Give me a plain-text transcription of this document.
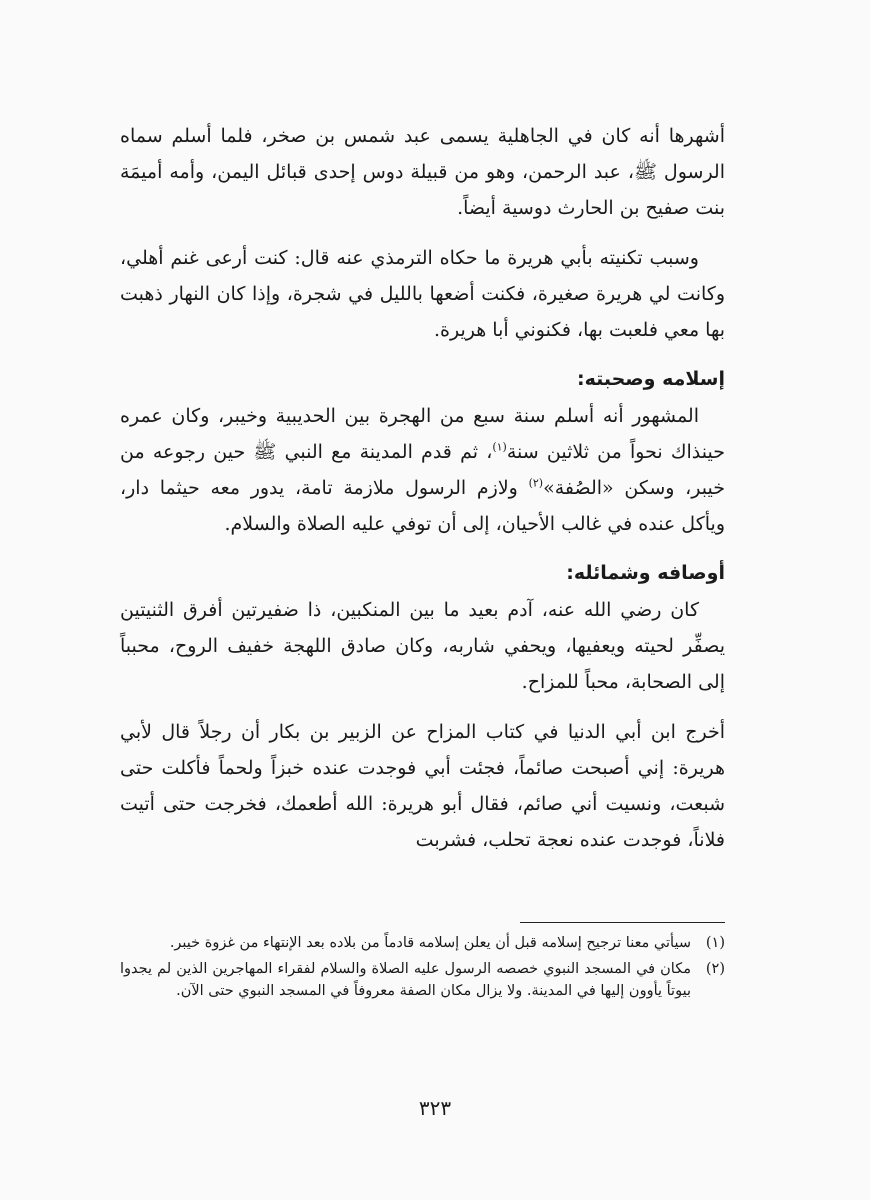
أشهرها أنه كان في الجاهلية يسمى عبد شمس بن صخر، فلما أسلم سماه الرسول ﷺ، عبد الرحمن، وهو من قبيلة دوس إحدى قبائل اليمن، وأمه أميمَة بنت صفيح بن الحارث دوسية أيضاً.

وسبب تكنيته بأبي هريرة ما حكاه الترمذي عنه قال: كنت أرعى غنم أهلي، وكانت لي هريرة صغيرة، فكنت أضعها بالليل في شجرة، وإذا كان النهار ذهبت بها معي فلعبت بها، فكنوني أبا هريرة.

إسلامه وصحبته:

المشهور أنه أسلم سنة سبع من الهجرة بين الحديبية وخيبر، وكان عمره حينذاك نحواً من ثلاثين سنة$^{(١)}$، ثم قدم المدينة مع النبي ﷺ حين رجوعه من خيبر، وسكن «الصُفة»$^{(٢)}$ ولازم الرسول ملازمة تامة، يدور معه حيثما دار، ويأكل عنده في غالب الأحيان، إلى أن توفي عليه الصلاة والسلام.

أوصافه وشمائله:

كان رضي الله عنه، آدم بعيد ما بين المنكبين، ذا ضفيرتين أفرق الثنيتين يصفِّر لحيته ويعفيها، ويحفي شاربه، وكان صادق اللهجة خفيف الروح، محبباً إلى الصحابة، محباً للمزاح.

أخرج ابن أبي الدنيا في كتاب المزاح عن الزبير بن بكار أن رجلاً قال لأبي هريرة: إني أصبحت صائماً، فجئت أبي فوجدت عنده خبزاً ولحماً فأكلت حتى شبعت، ونسيت أني صائم، فقال أبو هريرة: الله أطعمك، فخرجت حتى أتيت فلاناً، فوجدت عنده نعجة تحلب، فشربت

(١)
سيأتي معنا ترجيح إسلامه قبل أن يعلن إسلامه قادماً من بلاده بعد الإنتهاء من غزوة خيبر.
(٢)
مكان في المسجد النبوي خصصه الرسول عليه الصلاة والسلام لفقراء المهاجرين الذين لم يجدوا بيوتاً يأوون إليها في المدينة. ولا يزال مكان الصفة معروفاً في المسجد النبوي حتى الآن.
٣٢٣
